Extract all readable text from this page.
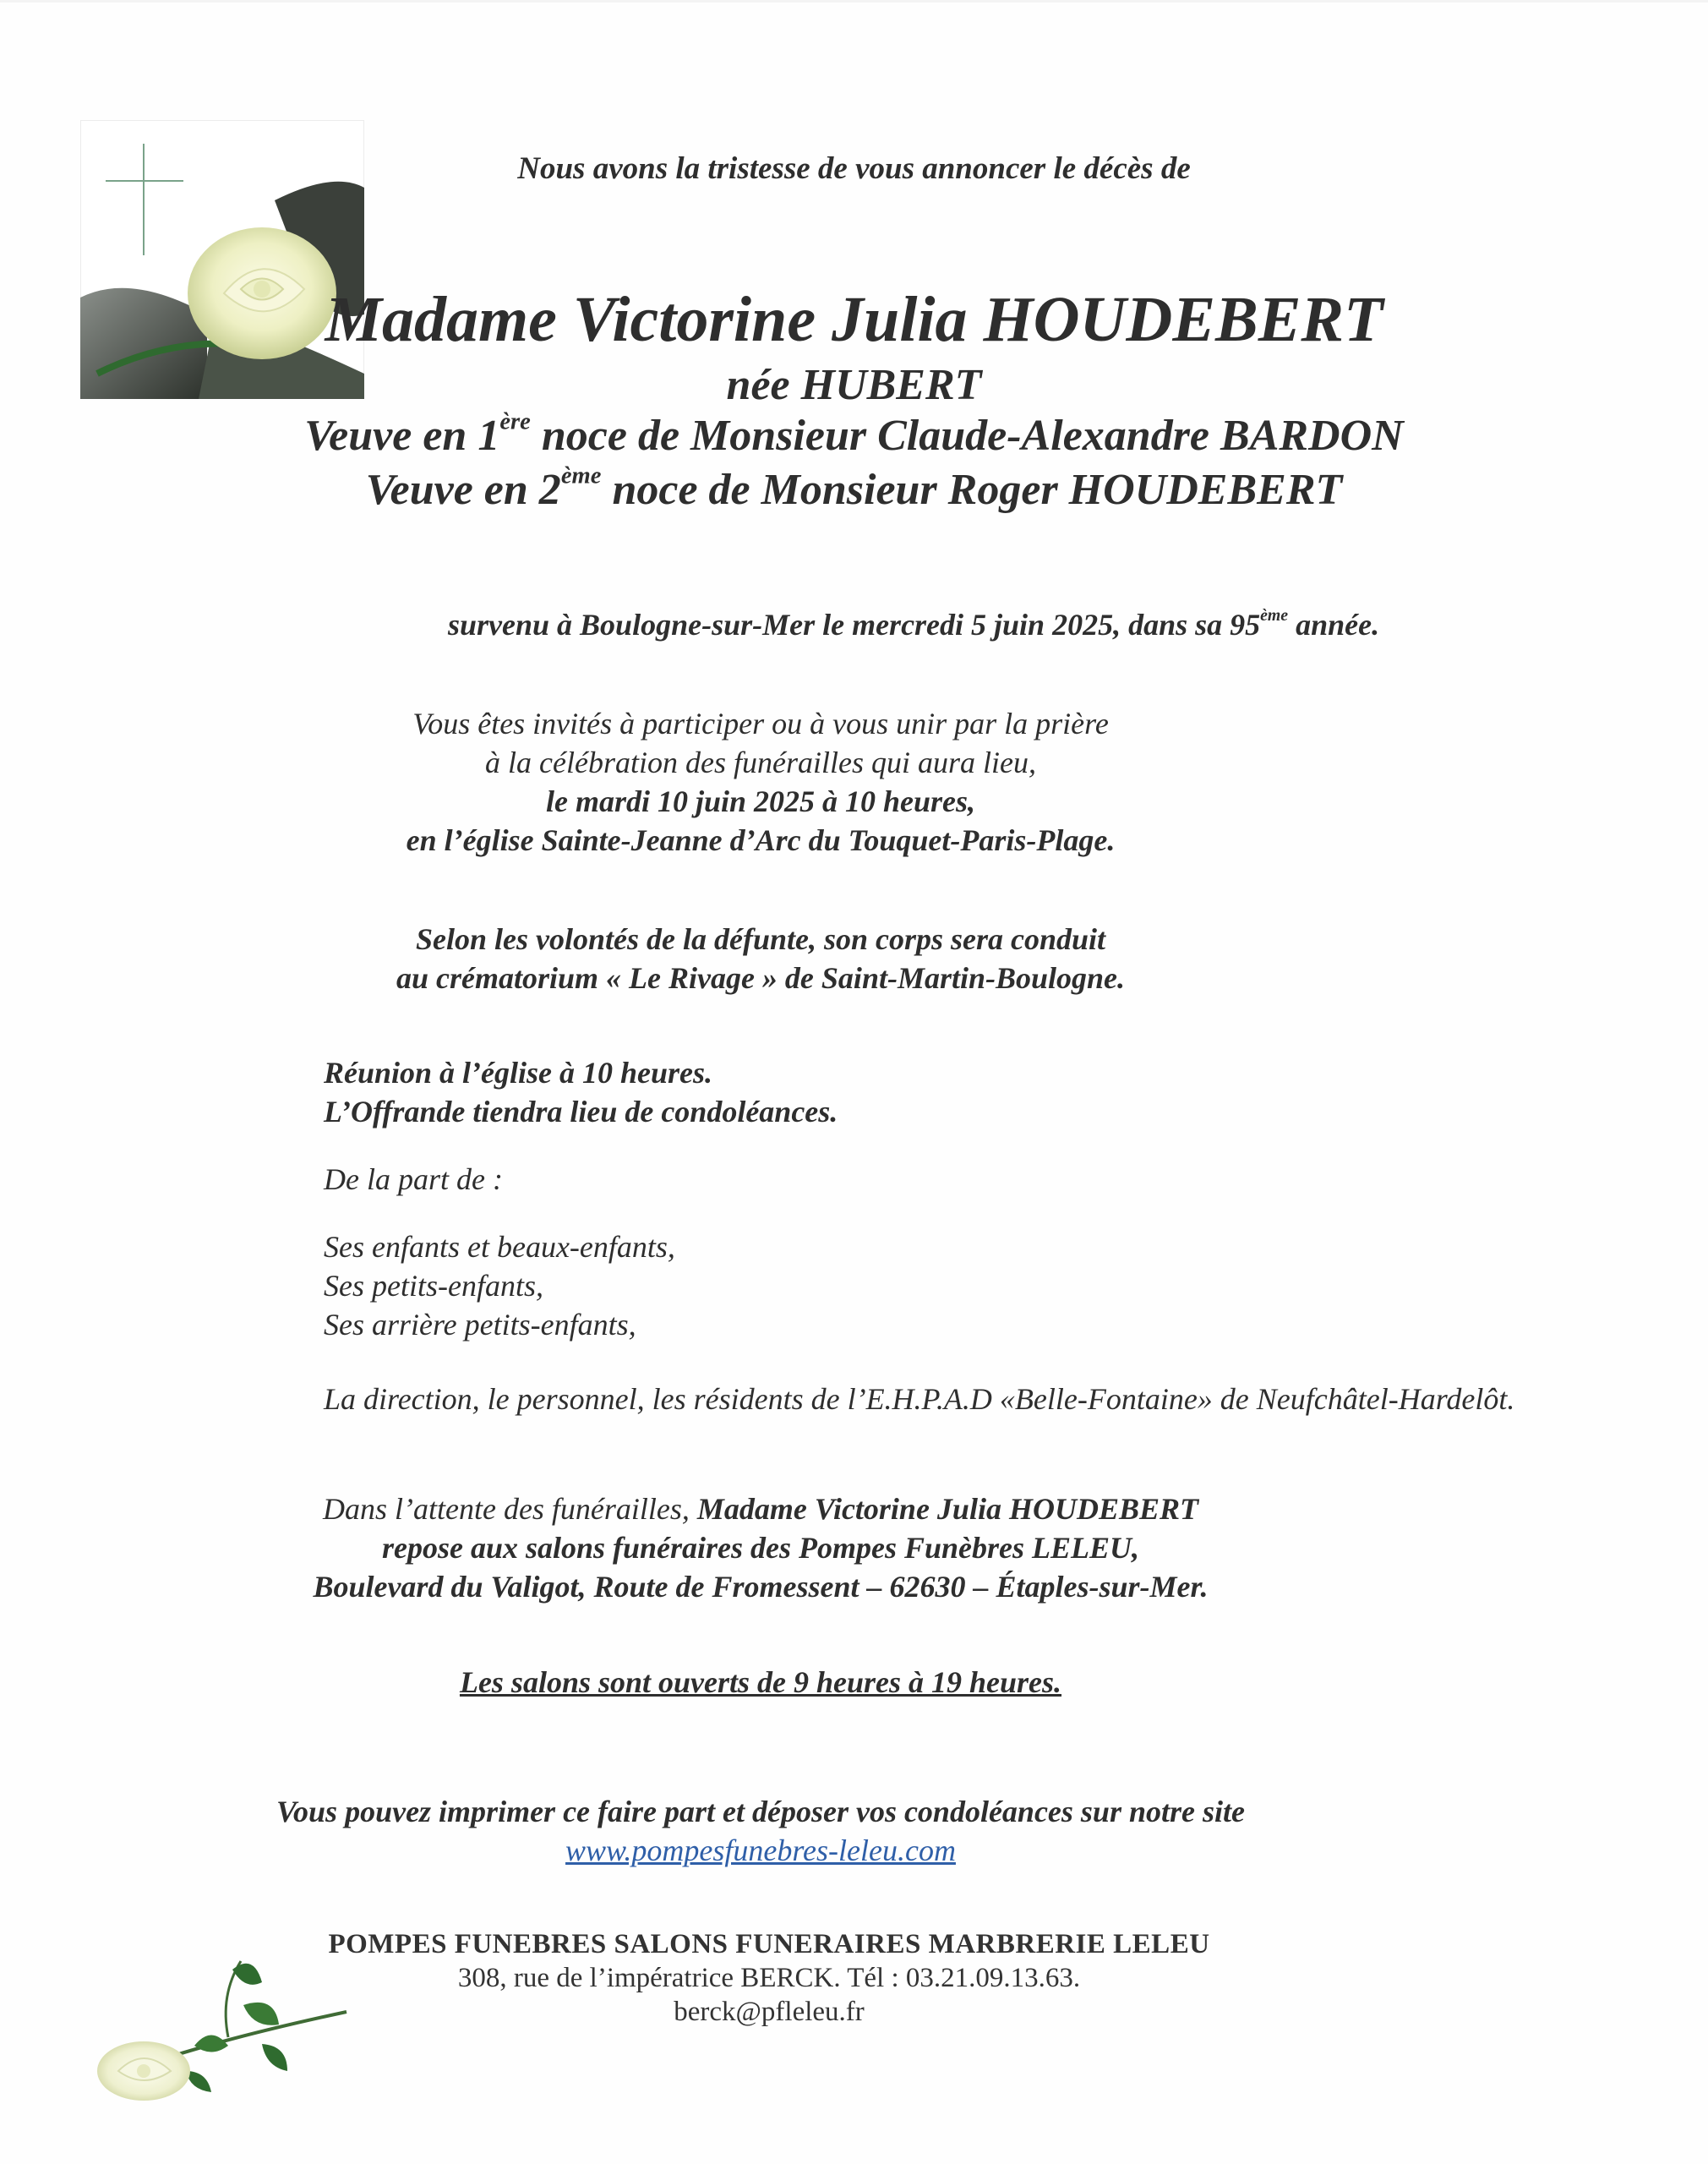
Nous avons la tristesse de vous annoncer le décès de
Madame Victorine Julia HOUDEBERT
née HUBERT
Veuve en 1ère noce de Monsieur Claude-Alexandre BARDON
Veuve en 2ème noce de Monsieur Roger HOUDEBERT
survenu à Boulogne-sur-Mer le mercredi 5 juin 2025, dans sa 95ème année.
Vous êtes invités à participer ou à vous unir par la prière
à la célébration des funérailles qui aura lieu,
le mardi 10 juin 2025 à 10 heures,
en l’église Sainte-Jeanne d’Arc du Touquet-Paris-Plage.
Selon les volontés de la défunte, son corps sera conduit
au crématorium « Le Rivage » de Saint-Martin-Boulogne.
Réunion à l’église à 10 heures.
L’Offrande tiendra lieu de condoléances.
De la part de :
Ses enfants et beaux-enfants,
Ses petits-enfants,
Ses arrière petits-enfants,
La direction, le personnel, les résidents de l’E.H.P.A.D «Belle-Fontaine» de Neufchâtel-Hardelôt.
Dans l’attente des funérailles, Madame Victorine Julia HOUDEBERT
repose aux salons funéraires des Pompes Funèbres LELEU,
Boulevard du Valigot, Route de Fromessent – 62630 – Étaples-sur-Mer.
Les salons sont ouverts de 9 heures à 19 heures.
Vous pouvez imprimer ce faire part et déposer vos condoléances sur notre site
www.pompesfunebres-leleu.com
POMPES FUNEBRES SALONS FUNERAIRES MARBRERIE LELEU
308, rue de l’impératrice BERCK. Tél : 03.21.09.13.63.
berck@pfleleu.fr
